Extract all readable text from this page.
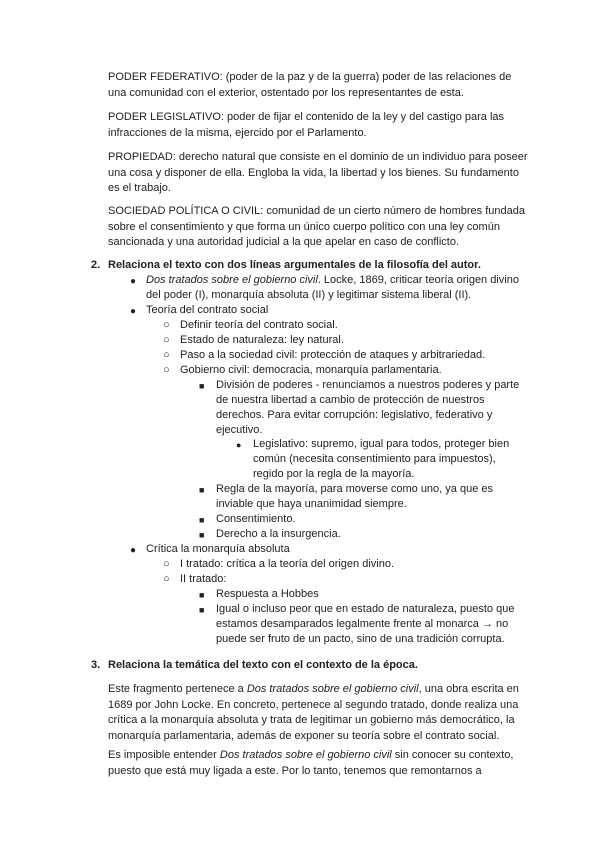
PODER FEDERATIVO: (poder de la paz y de la guerra) poder de las relaciones de una comunidad con el exterior, ostentado por los representantes de esta.

PODER LEGISLATIVO: poder de fijar el contenido de la ley y del castigo para las infracciones de la misma, ejercido por el Parlamento.

PROPIEDAD: derecho natural que consiste en el dominio de un individuo para poseer una cosa y disponer de ella. Engloba la vida, la libertad y los bienes. Su fundamento es el trabajo.

SOCIEDAD POLÍTICA O CIVIL: comunidad de un cierto número de hombres fundada sobre el consentimiento y que forma un único cuerpo político con una ley común sancionada y una autoridad judicial a la que apelar en caso de conflicto.

2. Relaciona el texto con dos líneas argumentales de la filosofía del autor.
● Dos tratados sobre el gobierno civil. Locke, 1869, criticar teoría origen divino
del poder (I), monarquía absoluta (II) y legitimar sistema liberal (II).
● Teoría del contrato social
○ Definir teoría del contrato social.
○ Estado de naturaleza: ley natural.
○ Paso a la sociedad civil: protección de ataques y arbitrariedad.
○ Gobierno civil: democracia, monarquía parlamentaria.
■ División de poderes - renunciamos a nuestros poderes y parte
de nuestra libertad a cambio de protección de nuestros
derechos. Para evitar corrupción: legislativo, federativo y
ejecutivo.
● Legislativo: supremo, igual para todos, proteger bien
común (necesita consentimiento para impuestos),
regido por la regla de la mayoría.
■ Regla de la mayoría, para moverse como uno, ya que es
inviable que haya unanimidad siempre.
■ Consentimiento.
■ Derecho a la insurgencia.
● Crítica la monarquía absoluta
○ I tratado: crítica a la teoría del origen divino.
○ II tratado:
■ Respuesta a Hobbes
■ Igual o incluso peor que en estado de naturaleza, puesto que
estamos desamparados legalmente frente al monarca → no
puede ser fruto de un pacto, sino de una tradición corrupta.
3. Relaciona la temática del texto con el contexto de la época.

Este fragmento pertenece a Dos tratados sobre el gobierno civil, una obra escrita en 1689 por John Locke. En concreto, pertenece al segundo tratado, donde realiza una crítica a la monarquía absoluta y trata de legitimar un gobierno más democrático, la monarquía parlamentaria, además de exponer su teoría sobre el contrato social.

Es imposible entender Dos tratados sobre el gobierno civil sin conocer su contexto, puesto que está muy ligada a este. Por lo tanto, tenemos que remontarnos a
